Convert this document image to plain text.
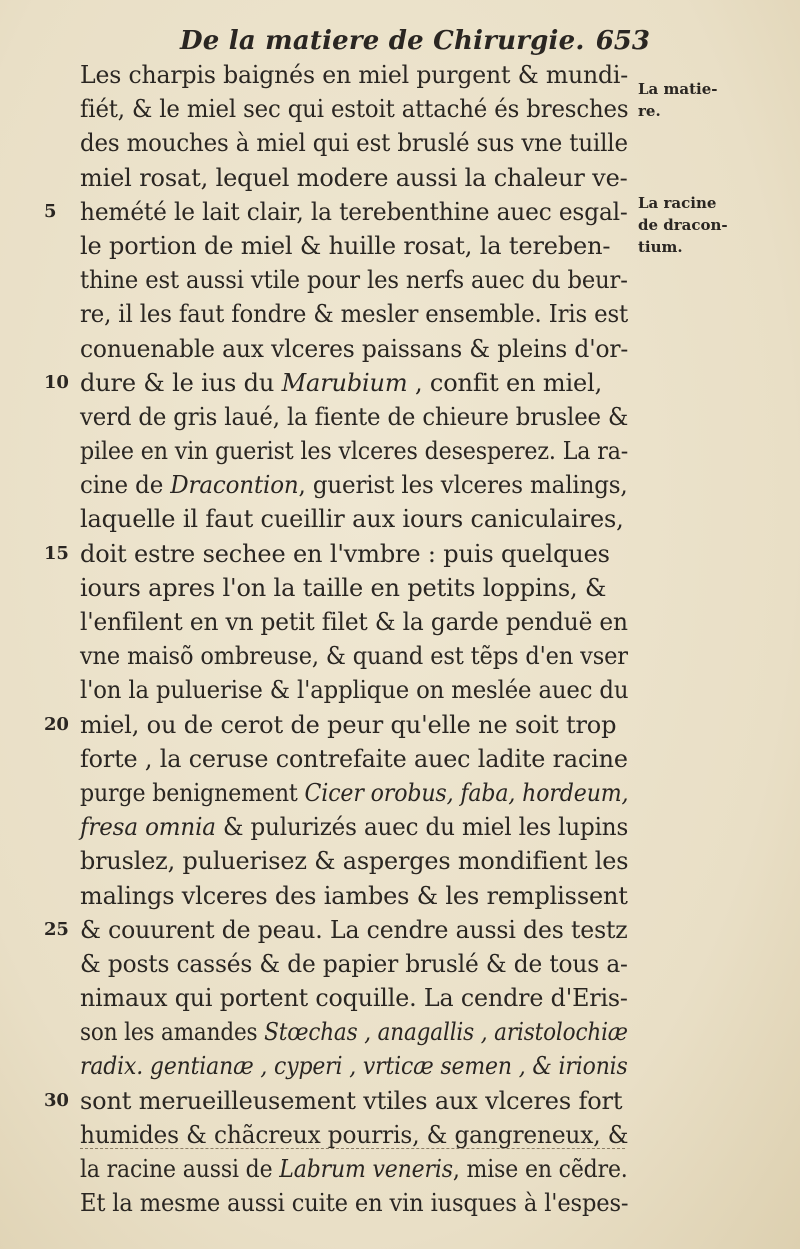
De la matiere de Chirurgie. 653
Les charpis baignés en miel purgent & mundi-
fiét, & le miel sec qui estoit attaché és bresches
des mouches à miel qui est bruslé sus vne tuille
miel rosat, lequel modere aussi la chaleur ve-
5 hemété le lait clair, la terebenthine auec esgal-
le portion de miel & huille rosat, la tereben-
thine est aussi vtile pour les nerfs auec du beur-
re, il les faut fondre & mesler ensemble. Iris est
conuenable aux vlceres paissans & pleins d'or-
10 dure & le ius du Marubium , confit en miel,
verd de gris laué, la fiente de chieure bruslee &
pilee en vin guerist les vlceres desesperez. La ra-
cine de Dracontion, guerist les vlceres malings,
laquelle il faut cueillir aux iours caniculaires,
15 doit estre sechee en l'vmbre : puis quelques
iours apres l'on la taille en petits loppins, &
l'enfilent en vn petit filet & la garde penduë en
vne maisõ ombreuse, & quand est tẽps d'en vser
l'on la puluerise & l'applique on mesléе auec du
20 miel, ou de cerot de peur qu'elle ne soit trop
forte , la ceruse contrefaite auec ladite racine
purge benignement Cicer orobus, faba, hordeum,
fresa omnia & pulurizés auec du miel les lupins
bruslez, puluerisez & asperges mondifient les
malings vlceres des iambes & les remplissent
25 & couurent de peau. La cendre aussi des testz
& posts cassés & de papier bruslé & de tous a-
nimaux qui portent coquille. La cendre d'Eris-
son les amandes Stœchas , anagallis , aristolochiæ
radix. gentianæ , cyperi , vrticæ semen , & irionis
30 sont merueilleusement vtiles aux vlceres fort
humides & chãcreux pourris, & gangreneux, &
la racine aussi de Labrum veneris, mise en cẽdre.
Et la mesme aussi cuite en vin iusques à l'espes-
La matie-
re.
La racine
de dracon-
tium.
